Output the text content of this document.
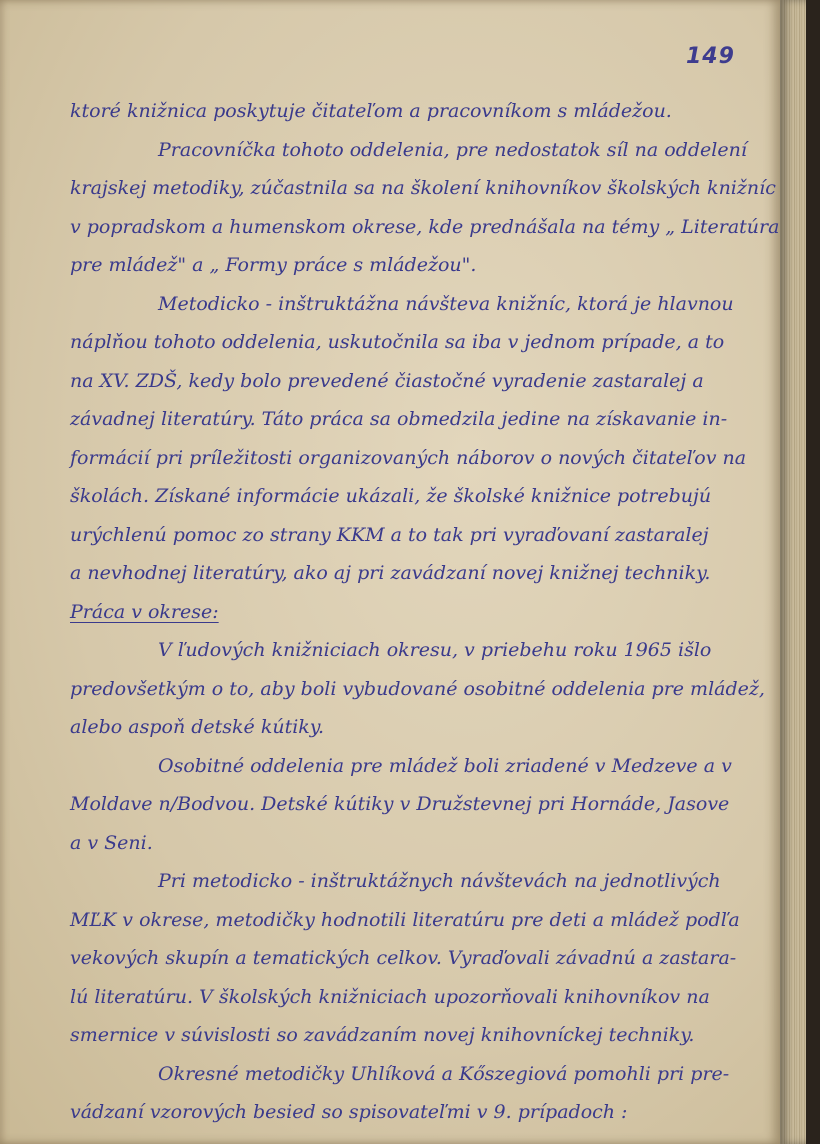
149

ktoré knižnica poskytuje čitateľom a pracovníkom s mládežou.

Pracovníčka tohoto oddelenia, pre nedostatok síl na oddelení
krajskej metodiky, zúčastnila sa na školení knihovníkov školských knižníc
v popradskom a humenskom okrese, kde prednášala na témy „ Literatúra
pre mládež" a „ Formy práce s mládežou".

Metodicko - inštruktážna návšteva knižníc, ktorá je hlavnou
náplňou tohoto oddelenia, uskutočnila sa iba v jednom prípade, a to
na XV. ZDŠ, kedy bolo prevedené čiastočné vyradenie zastaralej a
závadnej literatúry. Táto práca sa obmedzila jedine na získavanie in-
formácií pri príležitosti organizovaných náborov o nových čitateľov na
školách. Získané informácie ukázali, že školské knižnice potrebujú
urýchlenú pomoc zo strany KKM a to tak pri vyraďovaní zastaralej
a nevhodnej literatúry, ako aj pri zavádzaní novej knižnej techniky.

Práca v okrese:

V ľudových knižniciach okresu, v priebehu roku 1965 išlo
predovšetkým o to, aby boli vybudované osobitné oddelenia pre mládež,
alebo aspoň detské kútiky.

Osobitné oddelenia pre mládež boli zriadené v Medzeve a v
Moldave n/Bodvou. Detské kútiky v Družstevnej pri Hornáde, Jasove
a v Seni.

Pri metodicko - inštruktážnych návštevách na jednotlivých
MĽK v okrese, metodičky hodnotili literatúru pre deti a mládež podľa
vekových skupín a tematických celkov. Vyraďovali závadnú a zastara-
lú literatúru. V školských knižniciach upozorňovali knihovníkov na
smernice v súvislosti so zavádzaním novej knihovníckej techniky.

Okresné metodičky Uhlíková a Kőszegiová pomohli pri pre-
vádzaní vzorových besied so spisovateľmi v 9. prípadoch :
